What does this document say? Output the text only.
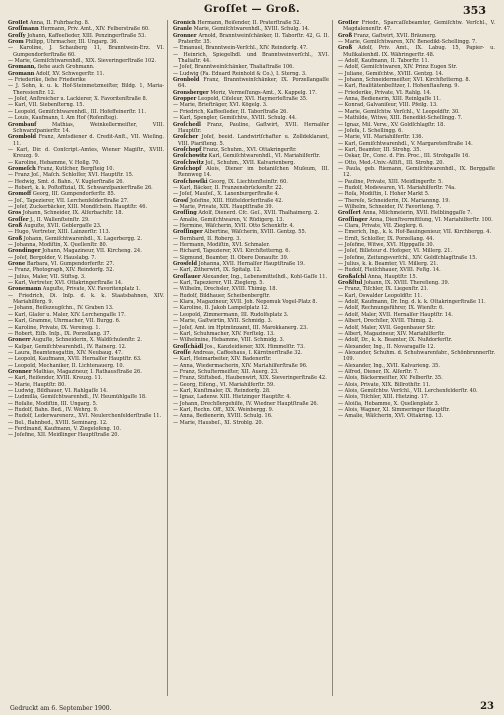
Groſſet — Groß.	353

Groſſet Anna, II. Fuhrbachg. 8.

Groſſmann Hermann, Priv. Amt., XIV. Felberstraße 60.

Groſſy Johann, Kaffeeſieder, XIII. Penzingerſtraße 53.

Grom Philipp, Uhrmacher, III. Ungarg. 36.

— Karoline, J. Schauberg 11, Branntwein-Erz. VI. Gumpendorferſtraße 60.

— Marie, Gemiſchtwarenhdl., XIX. Sieveringerſtraße 102.

Gromann, ſiehe auch Grohmann.

Gromann Adolf, XV. Schwegerſtr. 11.

— Friederike, ſiehe Friederike

— J. Sohn, k. u. k. Hof-Steinmetzmeiſter, Bildg. 1, Maria-Theresienſtr. 12.

— Joſef, Anſtreicher u. Lackierer, X. Favoritenſtraße 8.

— Karl, VII. Siebenſterng. 15.

— Leopold, Gemiſchtwarenhdl., III. Hofeffeinerſtr. 11.

— Louis, Kaufmann, I. Am Hof (Roſenſteg).

Grombauf Mathias, Weinkellermeiſter, VIII. Schwarzſpanierſtr. 14.

Grombold Franz, Amtsdiener d. Credit-Anſt., VII. Wieſing. 11.

— Karl, Dir. d. Conſcript.-Amtes, Wiener Magiſtr., XVIII. Kreuzg. 9.

— Karoline, Hebamme, V. Hollg. 70.

Gromeſch Franz, Kutſcher, Bergſteig 10.

— Franz Joſ., Maſch. Schloſſer, XVI. Hauptſtr. 15.

— Hedwig, Smt. d. Bahn., V. Kuglerſtraße 26.

— Robert, k. k. Poſtoffizial, IX. Schwarzſpanierſtraße 26.

Gromoff Georg, III. Gumpendorferſtr. 85.

— Joſ., Tapezierer, VII. Lerchenfelderſtraße 27.

— Joſef, Zuckerbäcker, XIII. Mondſchein. Hauptſtr. 46.

Gros Johann, Schneider, IX. Alſerbachſtr. 18.

Groſſer J., II. Wallenſteinſtr. 29.

Groß Auguſte, XVII. Geblergaſſe 23.

— Hugo, Vertreter, XIII. Lainzerſtr. 113.

Groß Johann, Gemiſchtwarenhdl., X. Lagerbergg. 2.

— Johanna, Modiſtin, X. Quellenſtr. 80.

Grondinger Johann, Magazineur, VII. Kircheng. 24.

— Joſef, Bergolder, V. Hauslabg. 7.

Grone Barbara, VI. Gumpendorferſtr. 27.

— Franz, Photograph, XIV. Reindorfg. 52.

— Julius, Maler, VII. Stiftsg. 3.

— Karl, Vertreter, XVI. Ottakringerſtraße 14.

Gronemann Auguſte, Private, XV. Favoritenplatz 1.

— Friedrich, Di. Inſp. d. k. k. Staatsbahnen, XIV. Mariahilferg. 9.

— Johann, Reiſezeugſchn., IV. Graben 13.

— Karl, Glaſer u. Maler, XIV. Lerchengaſſe 17.

— Karl, Gramme, Uhrmacher, VII. Burgg. 6.

— Karoline, Private, IX. Vereinsg. 1.

— Robert, Eiſb. Inſp., IX. Porzellang. 37.

Gronerr Auguſte, Schneiderin, X. Waldſchulenſtr. 2.

— Kaſpar, Gemiſchtwarenhdl., IV. Rainerg. 12.

— Laura, Beamtensgattin, XIV. Neubaug. 47.

— Leopold, Kaufmann, XVII. Hernalſer Hauptſtr. 63.

— Leopold, Mechaniker, II. Lichtenauerg. 10.

Gronner Mathias, Magazineur, I. Rathausſtraße 26.

— Karl, Reiſender, XVIII. Kreuzg. 11.

— Marie, Hauptſtr. 80.

— Ludwig, Bildhauer, VI. Rahlgaſſe 14.

— Ludmilla, Gemiſchtwarenhdl., IV. Heumühlgaſſe 18.

— Roſalie, Modiſtin, III. Ungarg. 5.

— Rudolf, Bahn. Bed., IV. Wehrg. 9.

— Rudolf, Lederwarenerz., XVI. Neulerchenfelderſtraße 11.

— Bel., Bahnbed., XVIII. Seminarg. 12.

— Ferdinand, Kaufmann, V. Ziegelofeng. 10.

— Joſefine, XII. Meidlinger Hauptſtraße 20.

Gronich Hermann, Reiſender, II. Praterſtraße 52.

Granle Marie, Gemiſchtwarenhdl., XVIII. Schulg. 14.

Gronner Arnold, Branntweinſchänker, II. Taborſtr. 42, G. II. Praterſtr. 35.

— Emanuel, Branntwein-Verſchl., XIV. Reindorfg. 47.

— Heinrich, Spiegelhdl. und Branntweinverſchl., XVI. Thaliaſtr. 44.

— Joſef, Branntweinſchänker, Thaliaſtraße 106.

— Ludwig (Fa. Eduard Reinhold & Co.), I. Sterng. 3.

Gronbold Franz, Branntweinſchänker, IX. Porzellangaſſe 64.

Gronsberger Moriz, Vermeſſungs-Amt., X. Kappelg. 17.

Gropper Leopold, Ciſeleur, XVI. Haymerleſtraße 35.

— Marie, Briefträger, XVI. Kögelg. 3.

— Friedrich, Kaffeeſieder, II. Taborſtraße 26.

— Karl, Spengler, Gemiſchtw., XVIII. Schulg. 44.

Groſchedl Franz, Pauline, Gaſtwirt, XVII. Hernalſer Hauptſtr.

Groſcher Joſef, beeid. Landwirtſchafter u. Zolldeklarant, VIII. Piariſteng. 5.

Groſchopf Franz, Schuhm., XVI. Ottakringerſtr.

Groſchowitz Karl, Gemiſchtwarenhdl., VI. Mariahilferſtr.

Groſchwitz Joſ., Schuhm., XVII. Kalvarienberg.

Groſchopf Alois, Diener im botaniſchen Muſeum, III. Rennweg 14.

Groſchowſki Georg, IX. Liechtenſteinſtr. 60.

— Karl, Bäcker, II. Franzensbrückenſtr. 22.

— Joſef, Mauſeſ., X. Laxenburgerſtraße 4.

Grosſ Joſefine, XIII. Hütteldorferſtraße 42.

— Marie, Private, XIX. Hauptſtraße 39.

Groſſing Adolf, Dienerd. Cfc. Geſ., XVII. Thalhaimerg. 2.

— Amalie, Gemiſchtwaren, V. Rüdigerg. 13.

— Hermine, Wäſcherin, XVII. Otto Schenkſtr. 4.

Groſſinger Albertine, Wäſcherin, XVIII. Gentzg. 55.

— Bernhard, II. Roberg. 3.

— Hermann, Modiſtin, XVI. Schmaler.

— Richard, Tapezierer, XVI. Kirchſtetterng. 6.

— Sigmund, Beamter, II. Obere Donauſtr. 39.

Grosfeld Johanna, XVII. Hernalſer Hauptſtraße 19.

— Karl, Zitherwirt, IX. Spitalg. 12.

Groſſauer Alexander, Ing., Lebensmittelhdl., Kohl-Gaſſe 11.

— Karl, Tapezierer, VII. Zieglerg. 5.

— Wilhelm, Drechsler, XVIII. Thimig. 18.

— Rudolf, Bildhauer, Scheibenbergſtr.

— Klara, Magazineur, XVII. Joh. Nepomuk Vogel-Platz 8.

— Karoline, II. Jakob Lampelplatz 12.

— Leopold, Zimmermann, III. Rudolfsplatz 3.

— Marie, Gaſtwirtin, XVII. Schmidg. 3.

— Joſef, Amt. im Hptmünzamt, III. Marokkanerg. 23.

— Karl, Schuhmacher, XIV. Ferſtelg. 13.

— Wilhelmine, Hebamme, VIII. Schmidg. 3.

Groſſchädl Jos., Kanzleidiener, XIX. Himmelſtr. 73.

Groſſe Andreas, Caffeehaus, I. Kärntnerſtraße 32.

— Karl, Heimarbeiter, XIV. Badenerſtr.

— Anna, Wiedermacherin, XIV. Mariahilferſtraße 96.

— Franz, Schuſtermeiſter, XII. Auerg. 23.

— Franz, Stiftsbed., Haubenwirt, XIX. Sieveringerſtraße 42.

— Georg, Eiſeng., VI. Mariahilferſtr. 59.

— Karl, Kunſtmaler, IX. Reindorfg. 28.

— Ignaz, Ladenw. XIII. Hietzinger Hauptſtr. 4.

— Johann, Drechſlergehilfe, IV. Wiedner Hauptſtraße 26.

— Karl, Rechn. Off., XIX. Weinbergg. 9.

— Anna, Bedienerin, XVIII. Schulg. 16.

— Marie, Hausbeſ., XI. Stroblg. 20.

Groſſer Friedr., Sparcaſſebeamter, Gemiſchtw. Verſchl., V. Magdalenenſtr. 47.

Groß Franz, Gaſtwirt, XVII. Bräunerg.

— Marie, Gemiſchtwaren, XIV. Benedikt-Schellingg. 7.

Groß Adolf, Priv. Amt., IX. Labug. 15, Papier- u. Muſikalienhdl. IX. Währingerſtr. 48.

— Adolf, Kaufmann, II. Taborſtr. 11.

— Adolf, Gemiſchtwaren, XIV. Prinz Eugen Str.

— Juliane, Gemiſchtw., XVIII. Gentzg. 14.

— Johann, Schneidermeiſter, XVI. Kirchſtetterng. 8.

— Karl, Realitätenbeſitzer, I. Hohenſtaufeng. 9.

— Friederike, Private, VI. Rahlg. 14.

— Anna, Bedienerin, XIII. Reinlgaſſe 11.

— Konrad, Galvaniſeur, VIII. Pfeilg. 13.

— Marie, Gemiſchtw. Verſchl., V. Leopoldſtr. 30.

— Mathilde, Witwe, XIII. Benedikt-Schellingg. 7.

— Ignaz, Mil. Verw., XV. Goldſchlagſtr. 18.

— Joſefa, I. Schellingg. 6.

— Marie, VII. Mariahilferſtr. 136.

— Karl, Gemiſchtwarenhdl., V. Margaretenſtraße 14.

— Karl, Beamter, III. Strohg. 35.

— Oskar, Dr., Conc. d. Fin. Proc., III. Strohgaſſe 16.

— Otto, Med.-Univ.-Aſſiſt., III. Strohg. 20.

— Paula, geb. Riemann, Gemiſchtwarenhdl., IX. Berggaſſe 12.

— Pauline, Private, XIII. Meidlingerſtr. 5.

— Rudolf, Modewaren, VI. Mariahilferſtr. 74a.

— Roſa, Modiſtin, I. Hoher Markt 5.

— Thereſe, Schneiderin, IX. Mariannng. 19.

— Wilhelm, Schneider, IV. Favoriteng. 7.

Groſſert Anna, Milchmeierin, XVII. Helblinggaſſe 7.

Groſſinger Anna, Dienſtvermittlung, VI. Mariahilferſtr. 100.

— Clara, Private, VII. Zieglerg. 6.

— Emerich, Ing., k. k. Hof-Bauingenieur, VII. Kirchbergg. 4.

— Ernſt, Schloſſer, IX. Porzellang. 44.

— Joſefine, Witwe, XVI. Hippgaſſe 30.

— Joſef, Billeteur d. Hofoper, VI. Millerg. 21.

— Joſefine, Zeitungsverſchl., XIV. Goldſchlagſtraße 15.

— Julius, k. k. Beamter, VI. Millerg. 21.

— Rudolf, Fleiſchhauer, XVIII. Feſtg. 14.

Großaſchl Anna, Hauptſtr. 15.

Großſtul Johann, IX. XVIII. Thereſieng. 39.

— Franz, Tiſchler, IX. Liegenſtr. 21.

— Karl, Oswalder Leopoldſtr. 11.

— Adolf, Kaufmann, Dr. Ing. d. k. k. Ottakringerſtraße 11.

— Adolf, Rechnungsführer, IX. Wienſtr. 6.

— Adolf, Maler, XVII. Hernalſer Hauptſtr. 14.

— Albert, Drechſler, XVIII. Thimig. 2.

— Adolf, Maler, XVII. Gegenbauer Str.

— Albert, Magazineur, XIV. Mariahilferſtr.

— Adolf, Dr., k. k. Beamter, IX. Nußdorferſtr.

— Alexander, Ing., II. Novaragaſſe 12.

— Alexander, Schuhm. d. Schuhwarenfabr., Schönbrunnerſtr. 109.

— Alexander, Ing., XVII. Kalvarieng. 35.

— Alfred, Diener, IX. Alſerſtr. 7.

— Alois, Bäckermeiſter, XV. Felberſtr. 35.

— Alois, Private, XIX. Billrothſtr. 11.

— Alois, Gemiſchtw. Verſchl., VII. Lerchenfelderſtr. 40.

— Alois, Tiſchler, XIII. Hietzing. 17.

— Aloiſia, Hebamme, X. Quellenplatz 3.

— Alois, Wagner, XI. Simmeringer Hauptſtr.

— Amalie, Wäſcherin, XVI. Ottakring. 13.

Gedruckt am 6. September 1900.	23
